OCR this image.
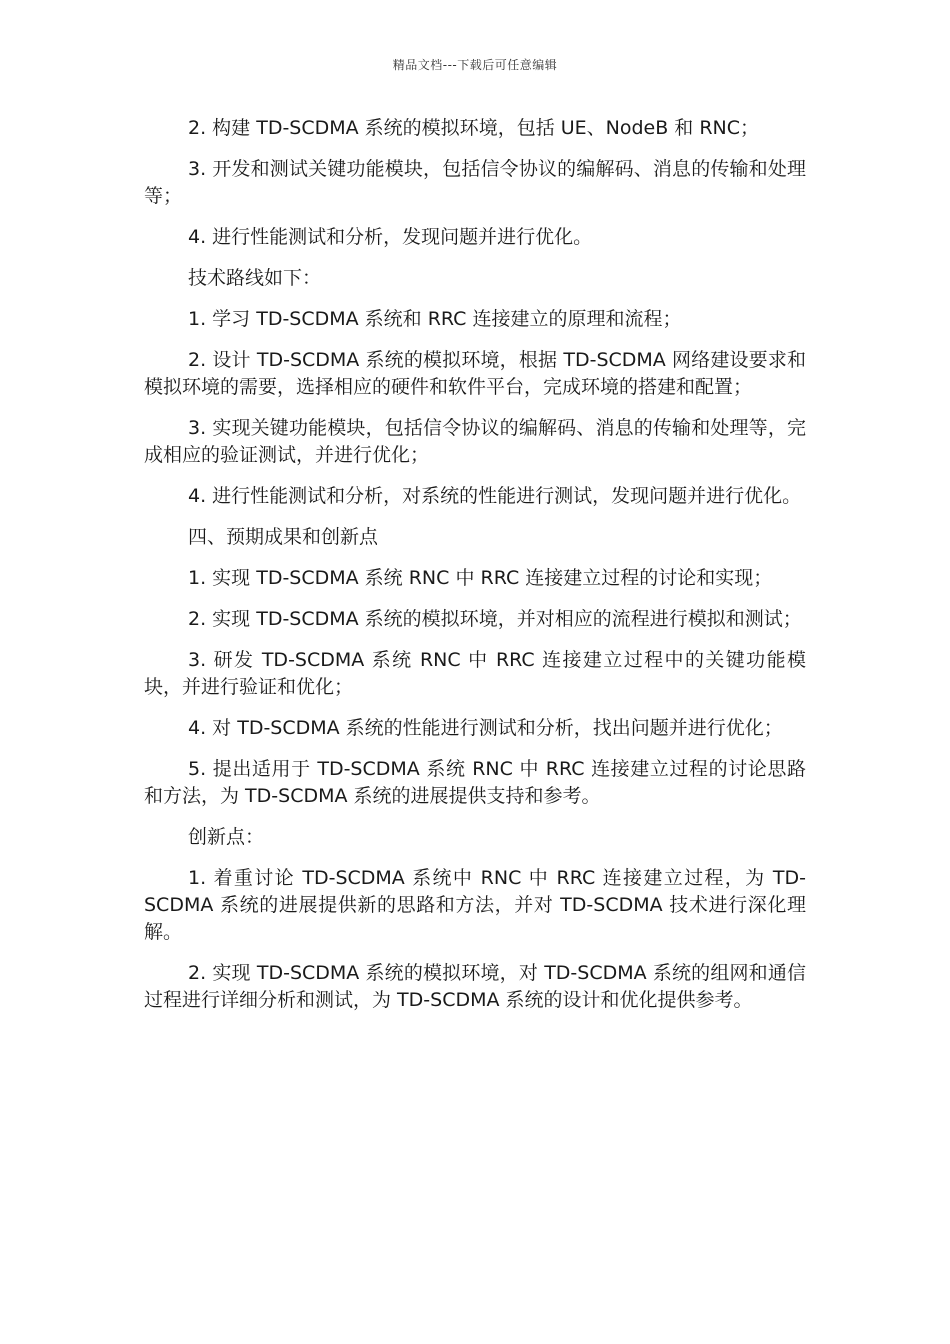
精品文档---下载后可任意编辑

2. 构建 TD-SCDMA 系统的模拟环境，包括 UE、NodeB 和 RNC；

3. 开发和测试关键功能模块，包括信令协议的编解码、消息的传输和处理等；

4. 进行性能测试和分析，发现问题并进行优化。

技术路线如下：

1. 学习 TD-SCDMA 系统和 RRC 连接建立的原理和流程；

2. 设计 TD-SCDMA 系统的模拟环境，根据 TD-SCDMA 网络建设要求和模拟环境的需要，选择相应的硬件和软件平台，完成环境的搭建和配置；

3. 实现关键功能模块，包括信令协议的编解码、消息的传输和处理等，完成相应的验证测试，并进行优化；

4. 进行性能测试和分析，对系统的性能进行测试，发现问题并进行优化。

四、预期成果和创新点

1. 实现 TD-SCDMA 系统 RNC 中 RRC 连接建立过程的讨论和实现；

2. 实现 TD-SCDMA 系统的模拟环境，并对相应的流程进行模拟和测试；

3. 研发 TD-SCDMA 系统 RNC 中 RRC 连接建立过程中的关键功能模块，并进行验证和优化；

4. 对 TD-SCDMA 系统的性能进行测试和分析，找出问题并进行优化；

5. 提出适用于 TD-SCDMA 系统 RNC 中 RRC 连接建立过程的讨论思路和方法，为 TD-SCDMA 系统的进展提供支持和参考。

创新点：

1. 着重讨论 TD-SCDMA 系统中 RNC 中 RRC 连接建立过程，为 TD-SCDMA 系统的进展提供新的思路和方法，并对 TD-SCDMA 技术进行深化理解。

2. 实现 TD-SCDMA 系统的模拟环境，对 TD-SCDMA 系统的组网和通信过程进行详细分析和测试，为 TD-SCDMA 系统的设计和优化提供参考。
